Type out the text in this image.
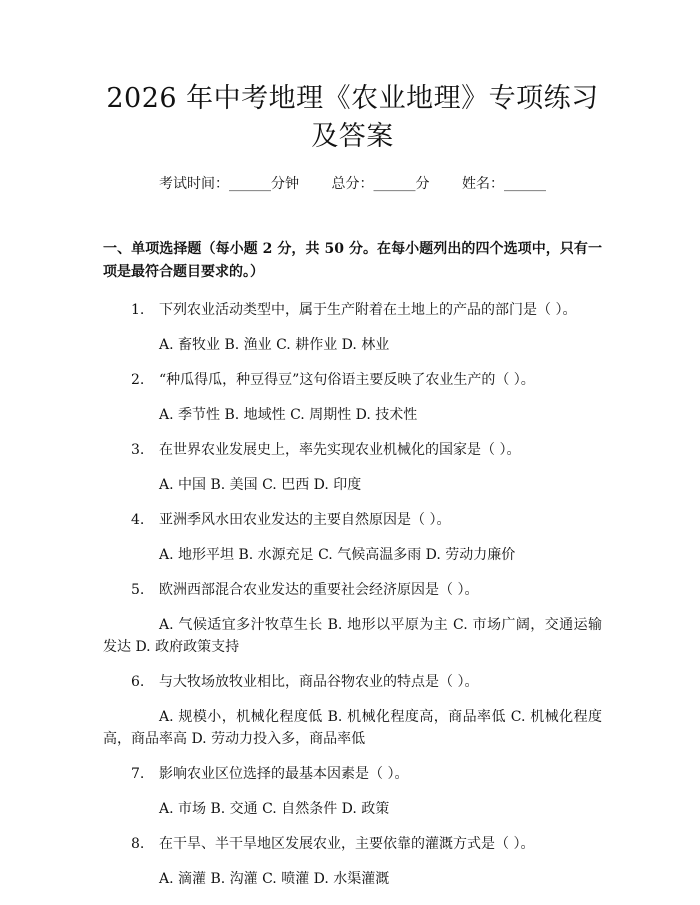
2026 年中考地理《农业地理》专项练习及答案
考试时间：______分钟 总分：______分 姓名：______
一、单项选择题（每小题 2 分，共 50 分。在每小题列出的四个选项中，只有一项是最符合题目要求的。）
1.	下列农业活动类型中，属于生产附着在土地上的产品的部门是（ ）。
A. 畜牧业 B. 渔业 C. 耕作业 D. 林业
2.	“种瓜得瓜，种豆得豆”这句俗语主要反映了农业生产的（ ）。
A. 季节性 B. 地域性 C. 周期性 D. 技术性
3.	在世界农业发展史上，率先实现农业机械化的国家是（ ）。
A. 中国 B. 美国 C. 巴西 D. 印度
4.	亚洲季风水田农业发达的主要自然原因是（ ）。
A. 地形平坦 B. 水源充足 C. 气候高温多雨 D. 劳动力廉价
5.	欧洲西部混合农业发达的重要社会经济原因是（ ）。
A. 气候适宜多汁牧草生长 B. 地形以平原为主 C. 市场广阔，交通运输发达 D. 政府政策支持
6.	与大牧场放牧业相比，商品谷物农业的特点是（ ）。
A. 规模小，机械化程度低 B. 机械化程度高，商品率低 C. 机械化程度高，商品率高 D. 劳动力投入多，商品率低
7.	影响农业区位选择的最基本因素是（ ）。
A. 市场 B. 交通 C. 自然条件 D. 政策
8.	在干旱、半干旱地区发展农业，主要依靠的灌溉方式是（ ）。
A. 滴灌 B. 沟灌 C. 喷灌 D. 水渠灌溉
